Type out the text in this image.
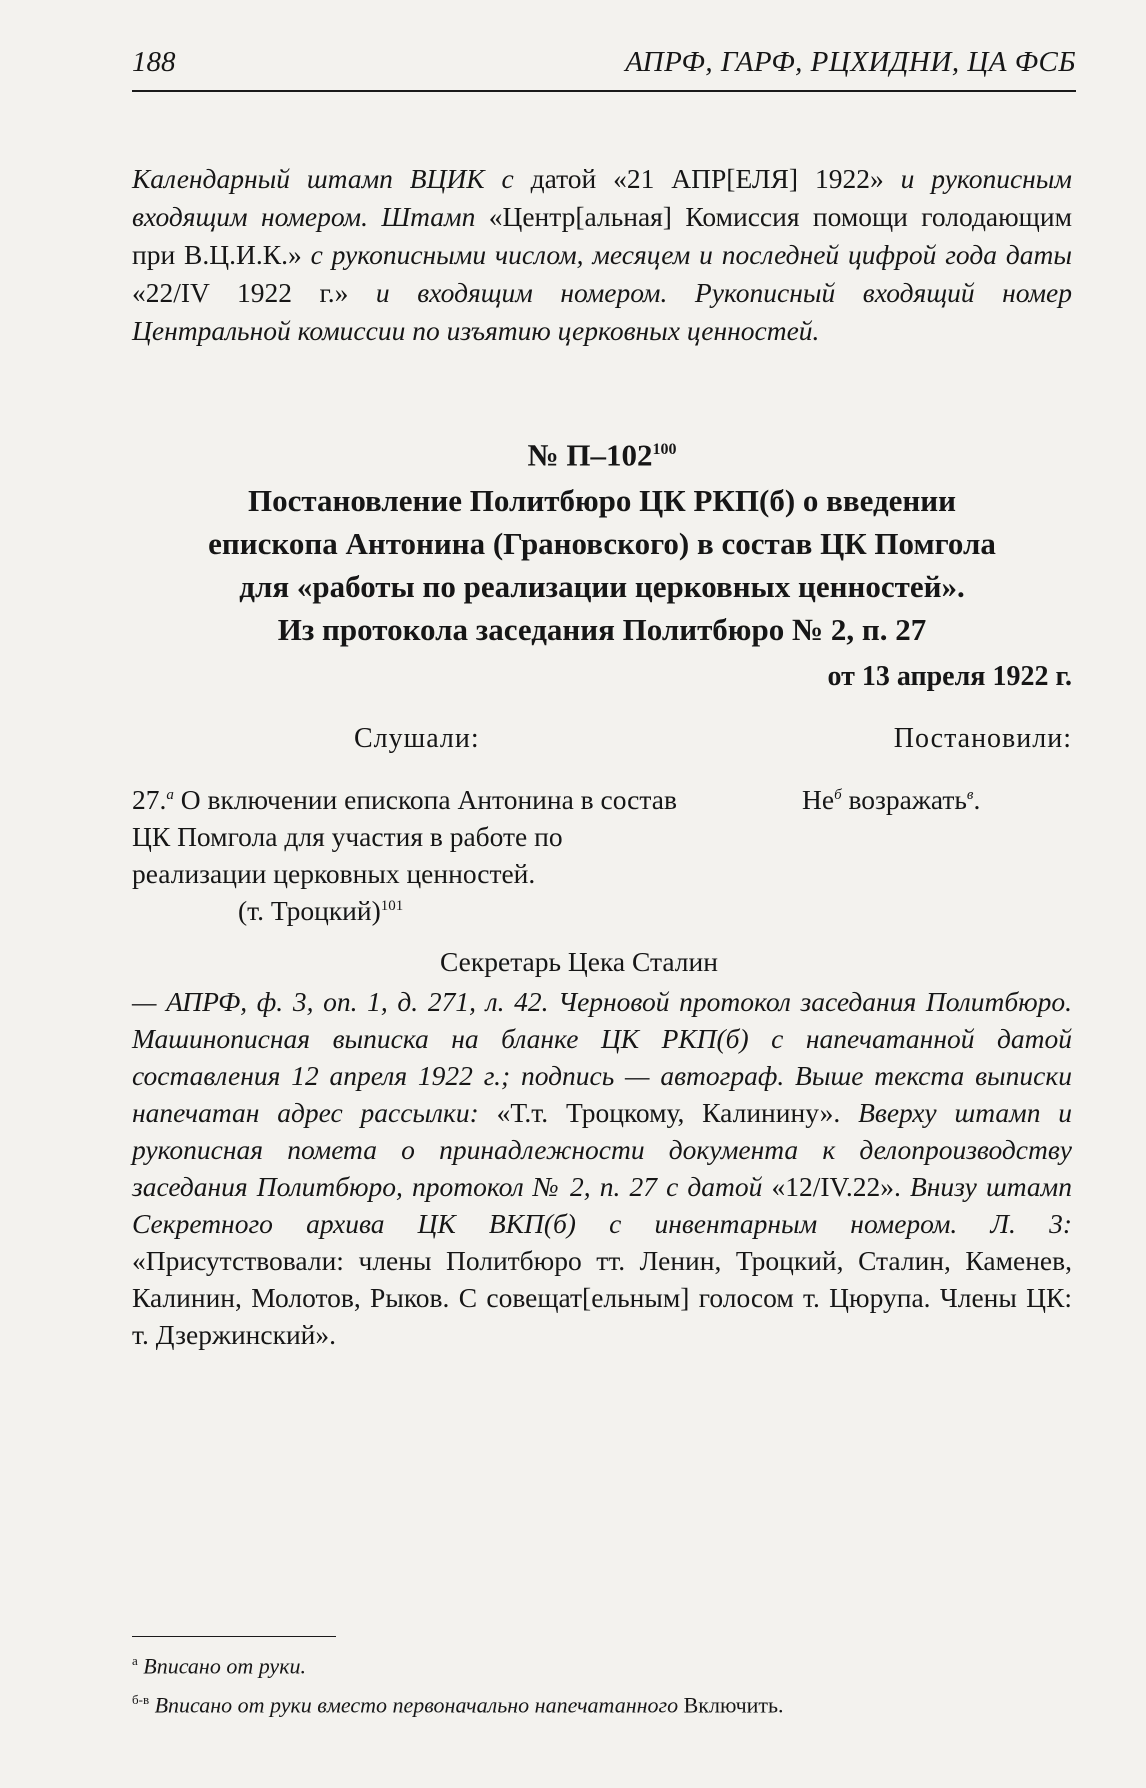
188	АПРФ, ГАРФ, РЦХИДНИ, ЦА ФСБ

Календарный штамп ВЦИК с датой «21 АПР[ЕЛЯ] 1922» и рукописным входящим номером. Штамп «Центр[альная] Комиссия помощи голодающим при В.Ц.И.К.» с рукописными числом, месяцем и последней цифрой года даты «22/IV 1922 г.» и входящим номером. Рукописный входящий номер Центральной комиссии по изъятию церковных ценностей.

№ $П-102^{100}$
Постановление Политбюро ЦК РКП(б) о введении
епископа Антонина (Грановского) в состав ЦК Помгола
для «работы по реализации церковных ценностей».
Из протокола заседания Политбюро № 2, п. 27
от 13 апреля 1922 г.
Слушали:	Постановили:
27.$^а$ О включении епископа Антонина в состав ЦК Помгола для участия в работе по реализации церковных ценностей.
(т. Троцкий)$^{101}$
$Не^б$ возражать$^в$.
Секретарь Цека Сталин

— АПРФ, ф. 3, оп. 1, д. 271, л. 42. Черновой протокол заседания Политбюро. Машинописная выписка на бланке ЦК РКП(б) с напечатанной датой составления 12 апреля 1922 г.; подпись — автограф. Выше текста выписки напечатан адрес рассылки: «Т.т. Троцкому, Калинину». Вверху штамп и рукописная помета о принадлежности документа к делопроизводству заседания Политбюро, протокол № 2, п. 27 с датой «12/IV.22». Внизу штамп Секретного архива ЦК ВКП(б) с инвентарным номером. Л. 3: «Присутствовали: члены Политбюро тт. Ленин, Троцкий, Сталин, Каменев, Калинин, Молотов, Рыков. С совещат[ельным] голосом т. Цюрупа. Члены ЦК: т. Дзержинский».

$^а$ Вписано от руки.
$^{б-в}$ Вписано от руки вместо первоначально напечатанного Включить.
